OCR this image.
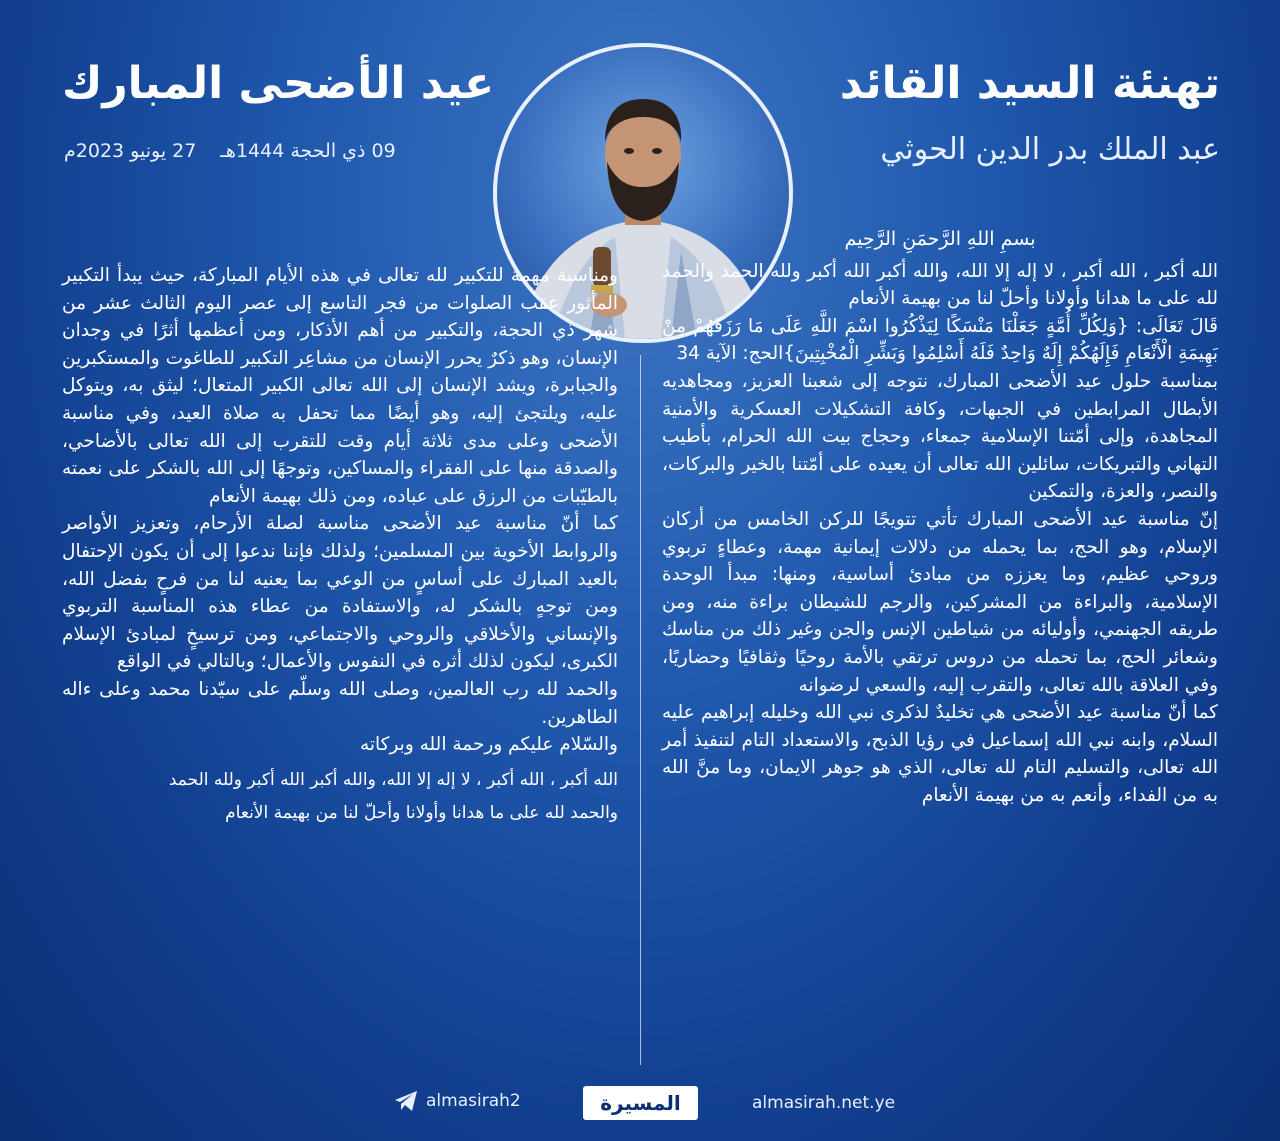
تهنئة السيد القائد
عبد الملك بدر الدين الحوثي
عيد الأضحى المبارك
09 ذي الحجة 1444هـ
27 يونيو 2023م

بسمِ اللهِ الرَّحمَنِ الرَّحِيم

الله أكبر ، الله أكبر ، لا إله إلا الله، والله أكبر الله أكبر ولله الحمد والحمد لله على ما هدانا وأولانا وأحلّ لنا من بهيمة الأنعام

قَالَ تَعَالَى: {وَلِكُلِّ أُمَّةٍ جَعَلْنَا مَنْسَكًا لِيَذْكُرُوا اسْمَ اللَّهِ عَلَى مَا رَزَقَهُمْ مِنْ بَهِيمَةِ الْأَنْعَامِ فَإِلَهُكُمْ إِلَهٌ وَاحِدٌ فَلَهُ أَسْلِمُوا وَبَشِّرِ الْمُخْبِتِينَ}الحج: الآية 34

بمناسبة حلول عيد الأضحى المبارك، نتوجه إلى شعبنا العزيز، ومجاهديه الأبطال المرابطين في الجبهات، وكافة التشكيلات العسكرية والأمنية المجاهدة، وإلى أمّتنا الإسلامية جمعاء، وحجاج بيت الله الحرام، بأطيب التهاني والتبريكات، سائلين الله تعالى أن يعيده على أمّتنا بالخير والبركات، والنصر، والعزة، والتمكين

إنّ مناسبة عيد الأضحى المبارك تأتي تتويجًا للركن الخامس من أركان الإسلام، وهو الحج، بما يحمله من دلالات إيمانية مهمة، وعطاءٍ تربوي وروحي عظيم، وما يعززه من مبادئ أساسية، ومنها: مبدأ الوحدة الإسلامية، والبراءة من المشركين، والرجم للشيطان براءة منه، ومن طريقه الجهنمي، وأوليائه من شياطين الإنس والجن وغير ذلك من مناسك وشعائر الحج، بما تحمله من دروس ترتقي بالأمة روحيًا وثقافيًا وحضاريًا، وفي العلاقة بالله تعالى، والتقرب إليه، والسعي لرضوانه

كما أنّ مناسبة عيد الأضحى هي تخليدٌ لذكرى نبي الله وخليله إبراهيم عليه السلام، وابنه نبي الله إسماعيل في رؤيا الذبح، والاستعداد التام لتنفيذ أمر الله تعالى، والتسليم التام لله تعالى، الذي هو جوهر الايمان، وما منَّ الله به من الفداء، وأنعم به من بهيمة الأنعام

ومناسبة مهمة للتكبير لله تعالى في هذه الأيام المباركة، حيث يبدأ التكبير المأثور عقب الصلوات من فجر التاسع إلى عصر اليوم الثالث عشر من شهر ذي الحجة، والتكبير من أهم الأذكار، ومن أعظمها أثرًا في وجدان الإنسان، وهو ذكرٌ يحرر الإنسان من مشاعِر التكبير للطاغوت والمستكبرين والجبابرة، ويشد الإنسان إلى الله تعالى الكبير المتعال؛ ليثق به، ويتوكل عليه، ويلتجئ إليه، وهو أيضًا مما تحفل به صلاة العيد، وفي مناسبة الأضحى وعلى مدى ثلاثة أيام وقت للتقرب إلى الله تعالى بالأضاحي، والصدقة منها على الفقراء والمساكين، وتوجهًا إلى الله بالشكر على نعمته بالطيّبات من الرزق على عباده، ومن ذلك بهيمة الأنعام

كما أنّ مناسبة عيد الأضحى مناسبة لصلة الأرحام، وتعزيز الأواصر والروابط الأخوية بين المسلمين؛ ولذلك فإننا ندعوا إلى أن يكون الإحتفال بالعيد المبارك على أساسٍ من الوعي بما يعنيه لنا من فرحٍ بفضل الله، ومن توجهٍ بالشكر له، والاستفادة من عطاء هذه المناسبة التربوي والإنساني والأخلاقي والروحي والاجتماعي، ومن ترسيخٍ لمبادئ الإسلام الكبرى، ليكون لذلك أثره في النفوس والأعمال؛ وبالتالي في الواقع

والحمد لله رب العالمين، وصلى الله وسلّم على سيّدنا محمد وعلى ءاله الطاهرين.

والسّلام عليكم ورحمة الله وبركاته

الله أكبر ، الله أكبر ، لا إله إلا الله، والله أكبر الله أكبر ولله الحمد

والحمد لله على ما هدانا وأولانا وأحلّ لنا من بهيمة الأنعام

almasirah.net.ye
المسيرة
almasirah2
